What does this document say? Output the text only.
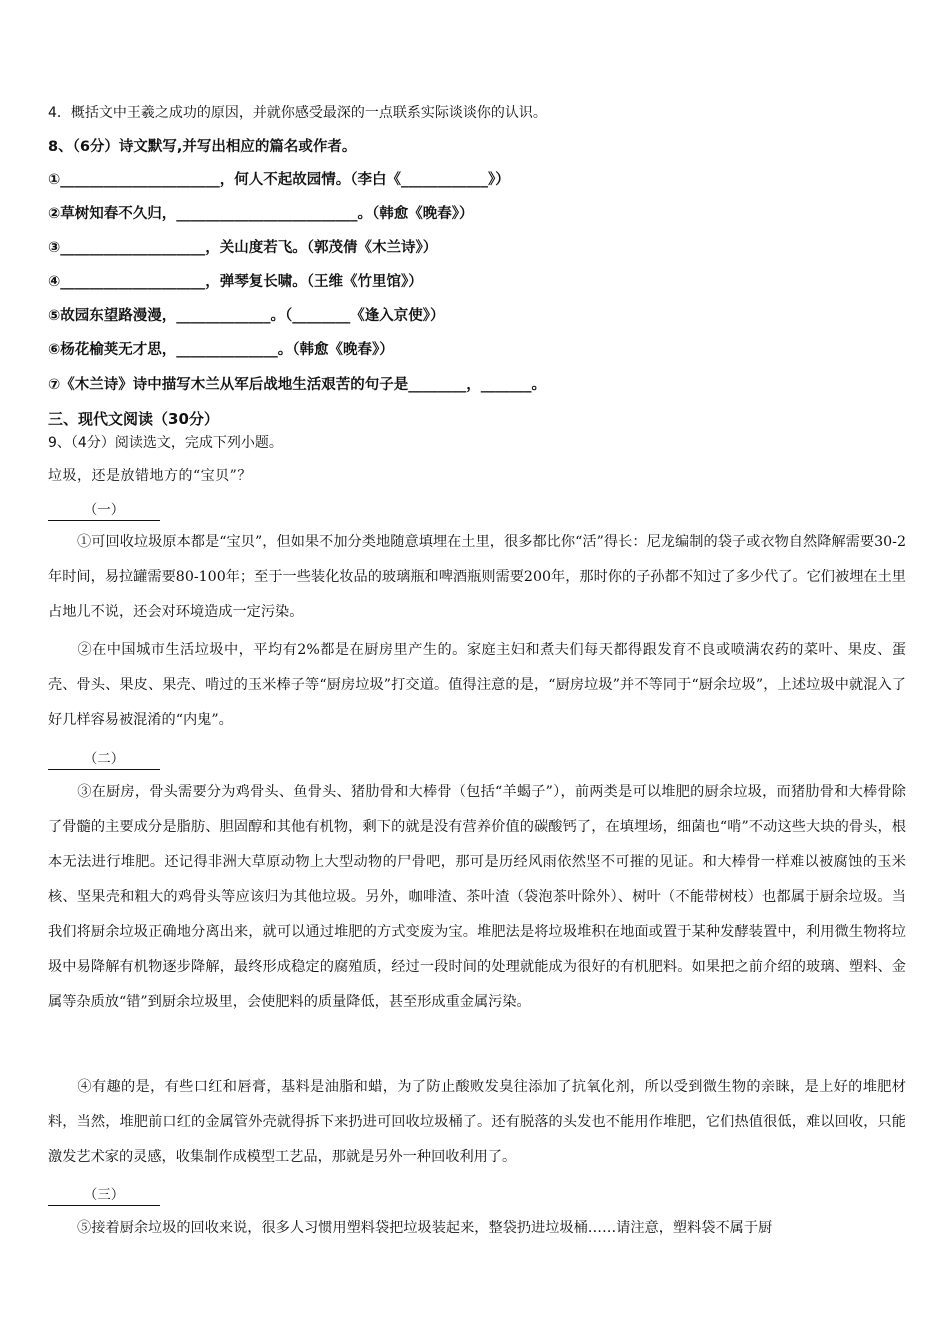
4．概括文中王羲之成功的原因，并就你感受最深的一点联系实际谈谈你的认识。
8、（6分）诗文默写,并写出相应的篇名或作者。
①______________________，何人不起故园情。（李白《____________》）
②草树知春不久归，_________________________。（韩愈《晚春》）
③____________________，关山度若飞。（郭茂倩《木兰诗》）
④____________________，弹琴复长啸。（王维《竹里馆》）
⑤故园东望路漫漫，_____________。（________《逢入京使》）
⑥杨花榆荚无才思，______________。（韩愈《晚春》）
⑦《木兰诗》诗中描写木兰从军后战地生活艰苦的句子是________，_______。
三、现代文阅读（30分）
9、（4分）阅读选文，完成下列小题。
垃圾，还是放错地方的“宝贝”？
（一）
①可回收垃圾原本都是“宝贝”，但如果不加分类地随意填埋在土里，很多都比你“活”得长：尼龙编制的袋子或衣物自然降解需要30-2年时间，易拉罐需要80-100年；至于一些装化妆品的玻璃瓶和啤酒瓶则需要200年，那时你的子孙都不知过了多少代了。它们被埋在土里占地儿不说，还会对环境造成一定污染。
②在中国城市生活垃圾中，平均有2%都是在厨房里产生的。家庭主妇和煮夫们每天都得跟发育不良或喷满农药的菜叶、果皮、蛋壳、骨头、果皮、果壳、啃过的玉米棒子等“厨房垃圾”打交道。值得注意的是，“厨房垃圾”并不等同于“厨余垃圾”，上述垃圾中就混入了好几样容易被混淆的“内鬼”。
（二）
③在厨房，骨头需要分为鸡骨头、鱼骨头、猪肋骨和大棒骨（包括“羊蝎子”），前两类是可以堆肥的厨余垃圾，而猪肋骨和大棒骨除了骨髓的主要成分是脂肪、胆固醇和其他有机物，剩下的就是没有营养价值的碳酸钙了，在填埋场，细菌也“啃”不动这些大块的骨头，根本无法进行堆肥。还记得非洲大草原动物上大型动物的尸骨吧，那可是历经风雨依然坚不可摧的见证。和大棒骨一样难以被腐蚀的玉米核、坚果壳和粗大的鸡骨头等应该归为其他垃圾。另外，咖啡渣、茶叶渣（袋泡茶叶除外）、树叶（不能带树枝）也都属于厨余垃圾。当我们将厨余垃圾正确地分离出来，就可以通过堆肥的方式变废为宝。堆肥法是将垃圾堆积在地面或置于某种发酵装置中，利用微生物将垃圾中易降解有机物逐步降解，最终形成稳定的腐殖质，经过一段时间的处理就能成为很好的有机肥料。如果把之前介绍的玻璃、塑料、金属等杂质放“错”到厨余垃圾里，会使肥料的质量降低，甚至形成重金属污染。
④有趣的是，有些口红和唇膏，基料是油脂和蜡，为了防止酸败发臭往添加了抗氧化剂，所以受到微生物的亲睐，是上好的堆肥材料，当然，堆肥前口红的金属管外壳就得拆下来扔进可回收垃圾桶了。还有脱落的头发也不能用作堆肥，它们热值很低，难以回收，只能激发艺术家的灵感，收集制作成模型工艺品，那就是另外一种回收利用了。
（三）
⑤接着厨余垃圾的回收来说，很多人习惯用塑料袋把垃圾装起来，整袋扔进垃圾桶……请注意，塑料袋不属于厨
